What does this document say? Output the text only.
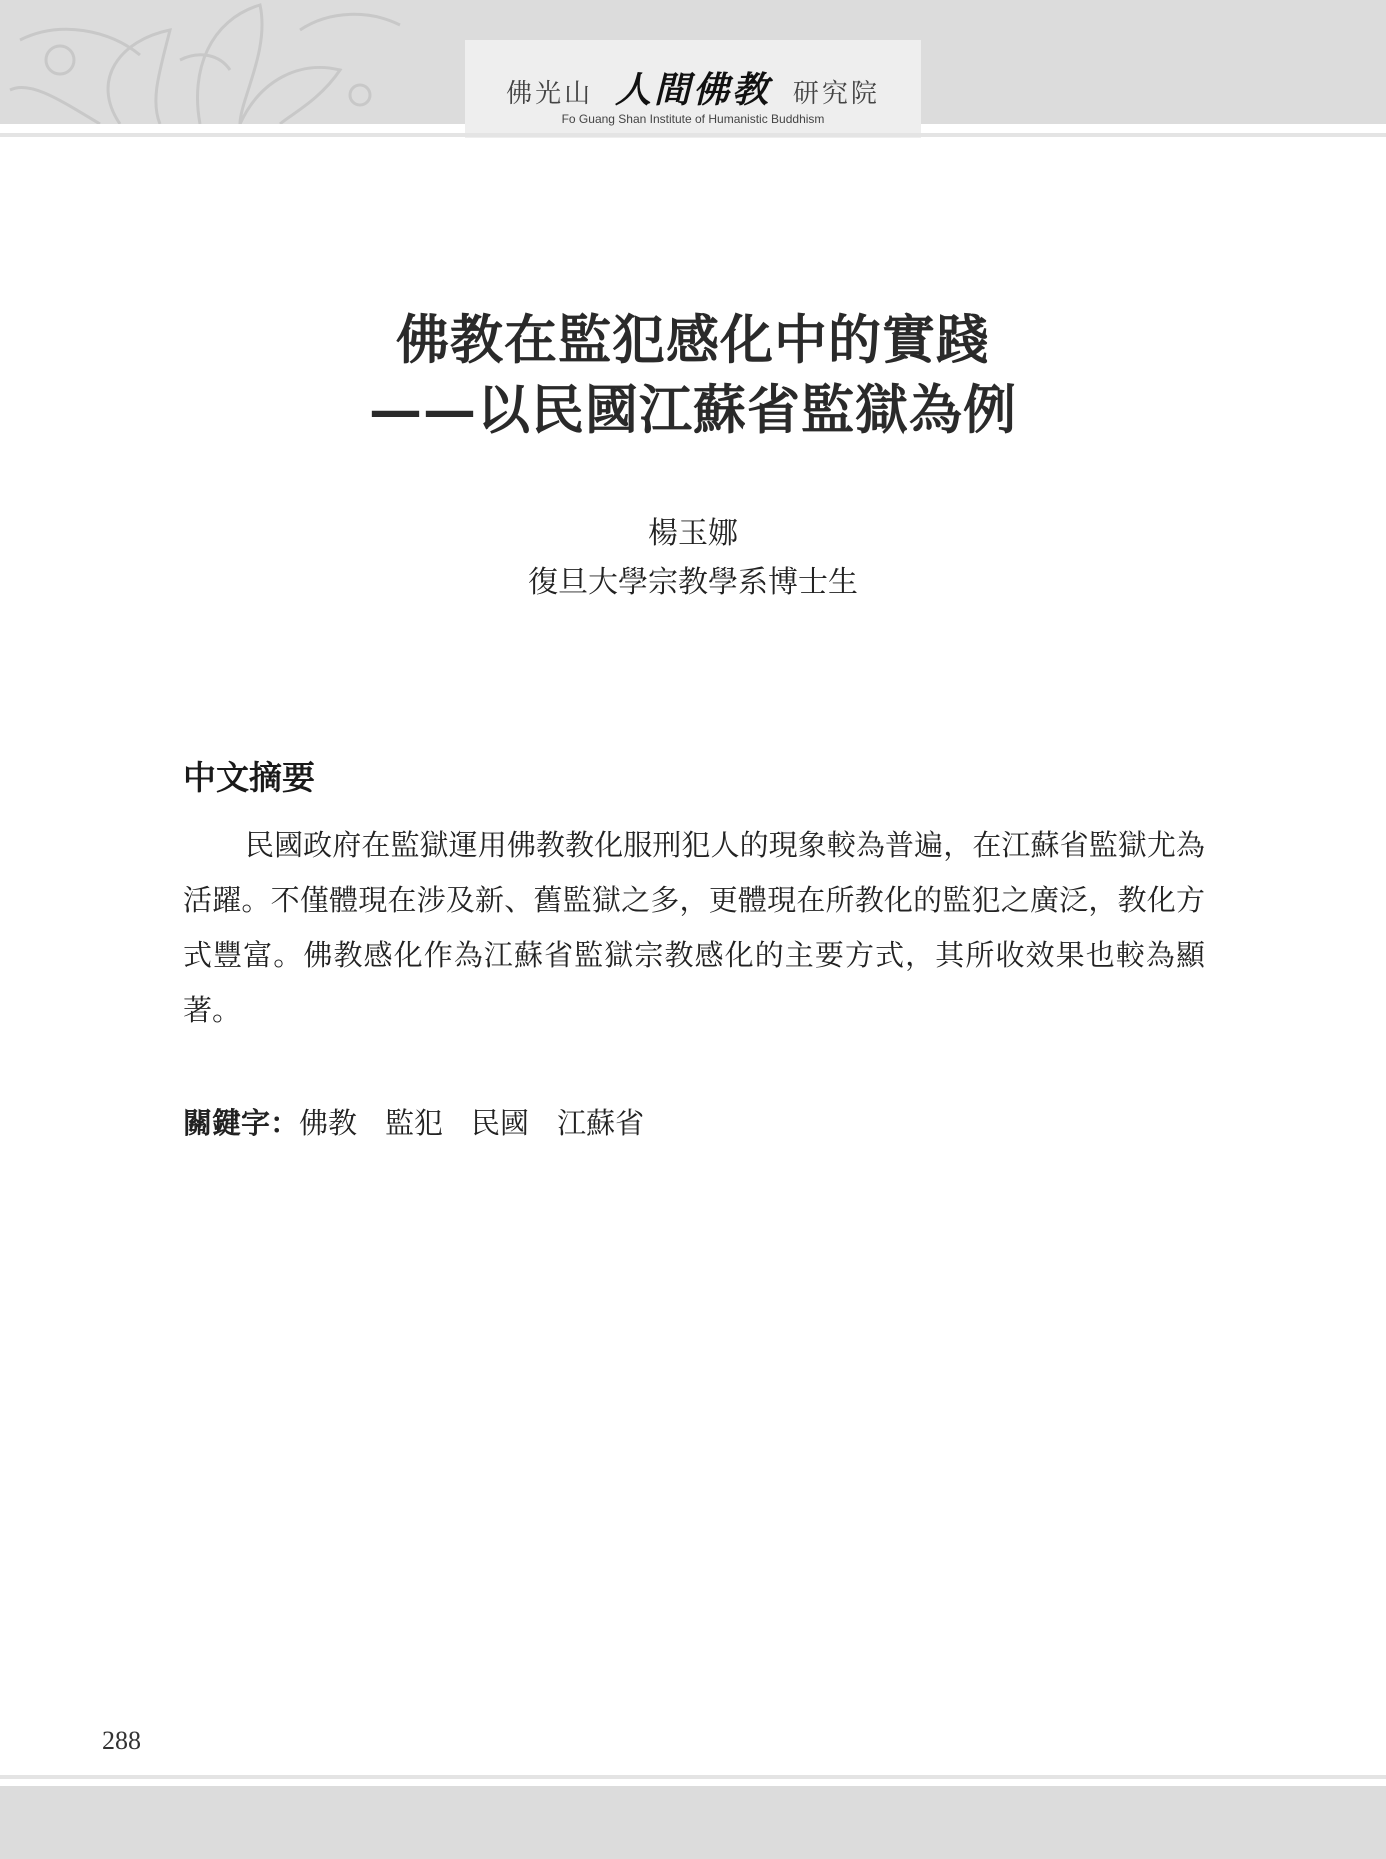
佛光山 人間佛教 研究院
Fo Guang Shan Institute of Humanistic Buddhism
佛教在監犯感化中的實踐
——以民國江蘇省監獄為例
楊玉娜
復旦大學宗教學系博士生
中文摘要
民國政府在監獄運用佛教教化服刑犯人的現象較為普遍，在江蘇省監獄尤為活躍。不僅體現在涉及新、舊監獄之多，更體現在所教化的監犯之廣泛，教化方式豐富。佛教感化作為江蘇省監獄宗教感化的主要方式，其所收效果也較為顯著。
關鍵字：佛教 監犯 民國 江蘇省
288
